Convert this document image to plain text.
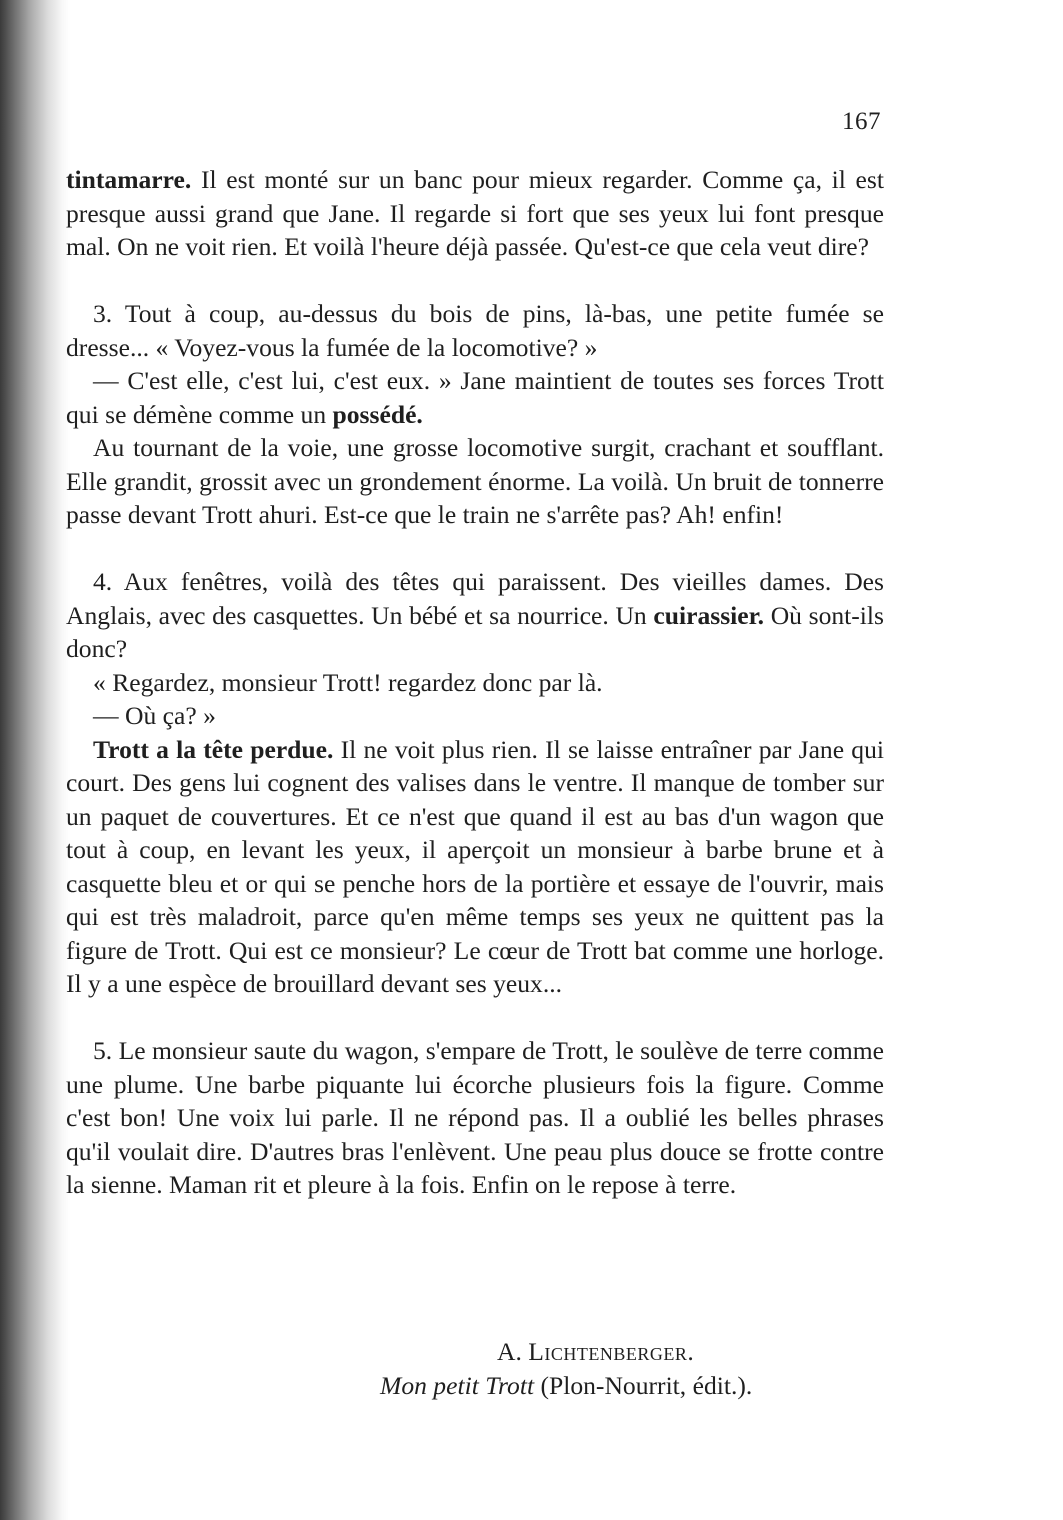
167

tintamarre. Il est monté sur un banc pour mieux regarder. Comme ça, il est presque aussi grand que Jane. Il regarde si fort que ses yeux lui font presque mal. On ne voit rien. Et voilà l'heure déjà passée. Qu'est-ce que cela veut dire?

3. Tout à coup, au-dessus du bois de pins, là-bas, une petite fumée se dresse... « Voyez-vous la fumée de la locomotive? »

— C'est elle, c'est lui, c'est eux. » Jane maintient de toutes ses forces Trott qui se démène comme un possédé.

Au tournant de la voie, une grosse locomotive surgit, crachant et soufflant. Elle grandit, grossit avec un grondement énorme. La voilà. Un bruit de tonnerre passe devant Trott ahuri. Est-ce que le train ne s'arrête pas? Ah! enfin!

4. Aux fenêtres, voilà des têtes qui paraissent. Des vieilles dames. Des Anglais, avec des casquettes. Un bébé et sa nourrice. Un cuirassier. Où sont-ils donc?

« Regardez, monsieur Trott! regardez donc par là.

— Où ça? »

Trott a la tête perdue. Il ne voit plus rien. Il se laisse entraîner par Jane qui court. Des gens lui cognent des valises dans le ventre. Il manque de tomber sur un paquet de couvertures. Et ce n'est que quand il est au bas d'un wagon que tout à coup, en levant les yeux, il aperçoit un monsieur à barbe brune et à casquette bleu et or qui se penche hors de la portière et essaye de l'ouvrir, mais qui est très maladroit, parce qu'en même temps ses yeux ne quittent pas la figure de Trott. Qui est ce monsieur? Le cœur de Trott bat comme une horloge. Il y a une espèce de brouillard devant ses yeux...

5. Le monsieur saute du wagon, s'empare de Trott, le soulève de terre comme une plume. Une barbe piquante lui écorche plusieurs fois la figure. Comme c'est bon! Une voix lui parle. Il ne répond pas. Il a oublié les belles phrases qu'il voulait dire. D'autres bras l'enlèvent. Une peau plus douce se frotte contre la sienne. Maman rit et pleure à la fois. Enfin on le repose à terre.

A. Lichtenberger.
Mon petit Trott (Plon-Nourrit, édit.).
